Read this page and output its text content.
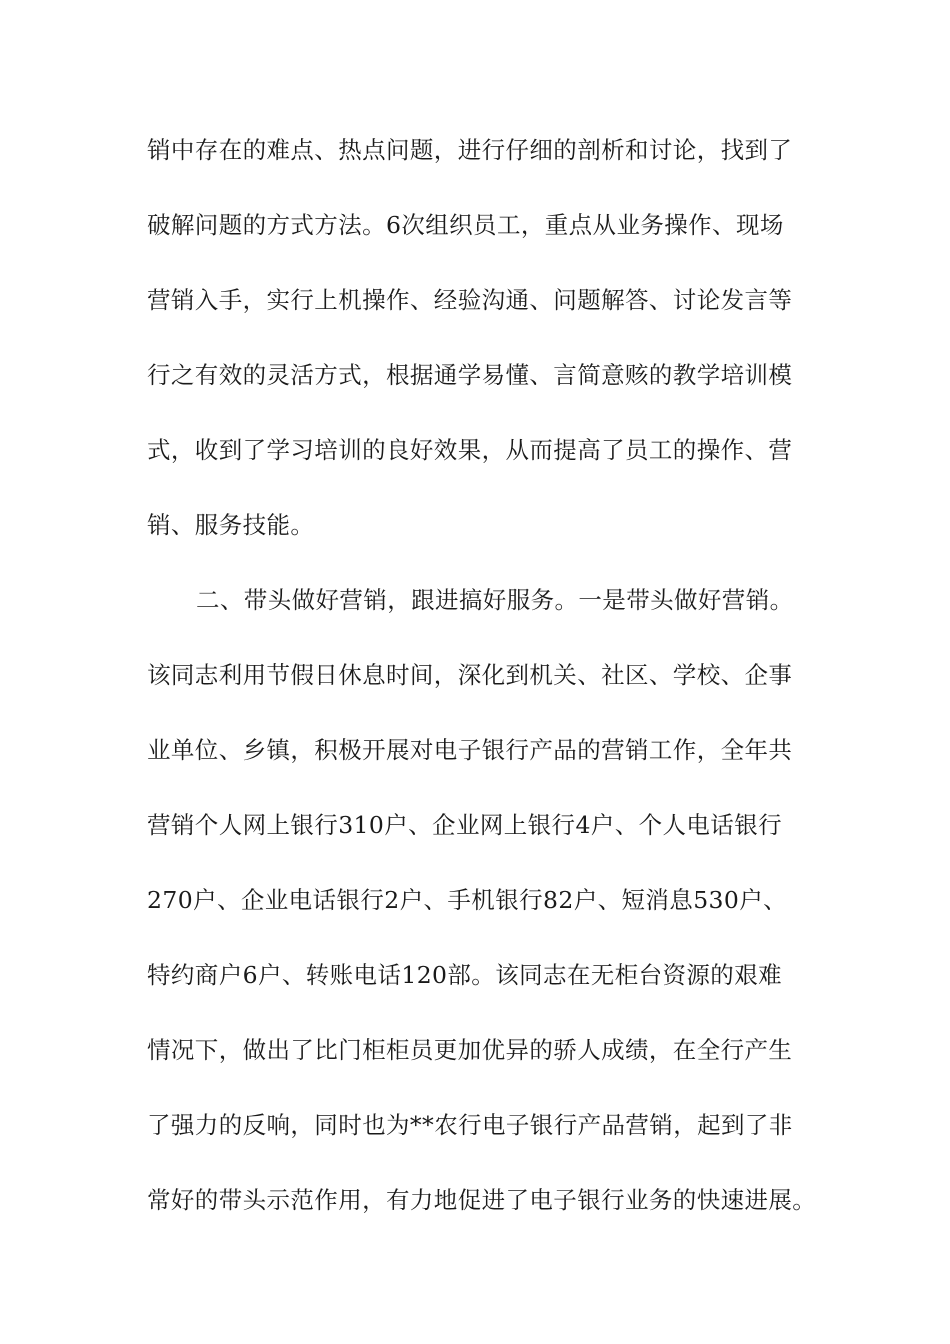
销中存在的难点、热点问题，进行仔细的剖析和讨论，找到了
破解问题的方式方法。6次组织员工，重点从业务操作、现场
营销入手，实行上机操作、经验沟通、问题解答、讨论发言等
行之有效的灵活方式，根据通学易懂、言简意赅的教学培训模
式，收到了学习培训的良好效果，从而提高了员工的操作、营
销、服务技能。
二、带头做好营销，跟进搞好服务。一是带头做好营销。
该同志利用节假日休息时间，深化到机关、社区、学校、企事
业单位、乡镇，积极开展对电子银行产品的营销工作，全年共
营销个人网上银行310户、企业网上银行4户、个人电话银行
270户、企业电话银行2户、手机银行82户、短消息530户、
特约商户6户、转账电话120部。该同志在无柜台资源的艰难
情况下，做出了比门柜柜员更加优异的骄人成绩，在全行产生
了强力的反响，同时也为**农行电子银行产品营销，起到了非
常好的带头示范作用，有力地促进了电子银行业务的快速进展。
